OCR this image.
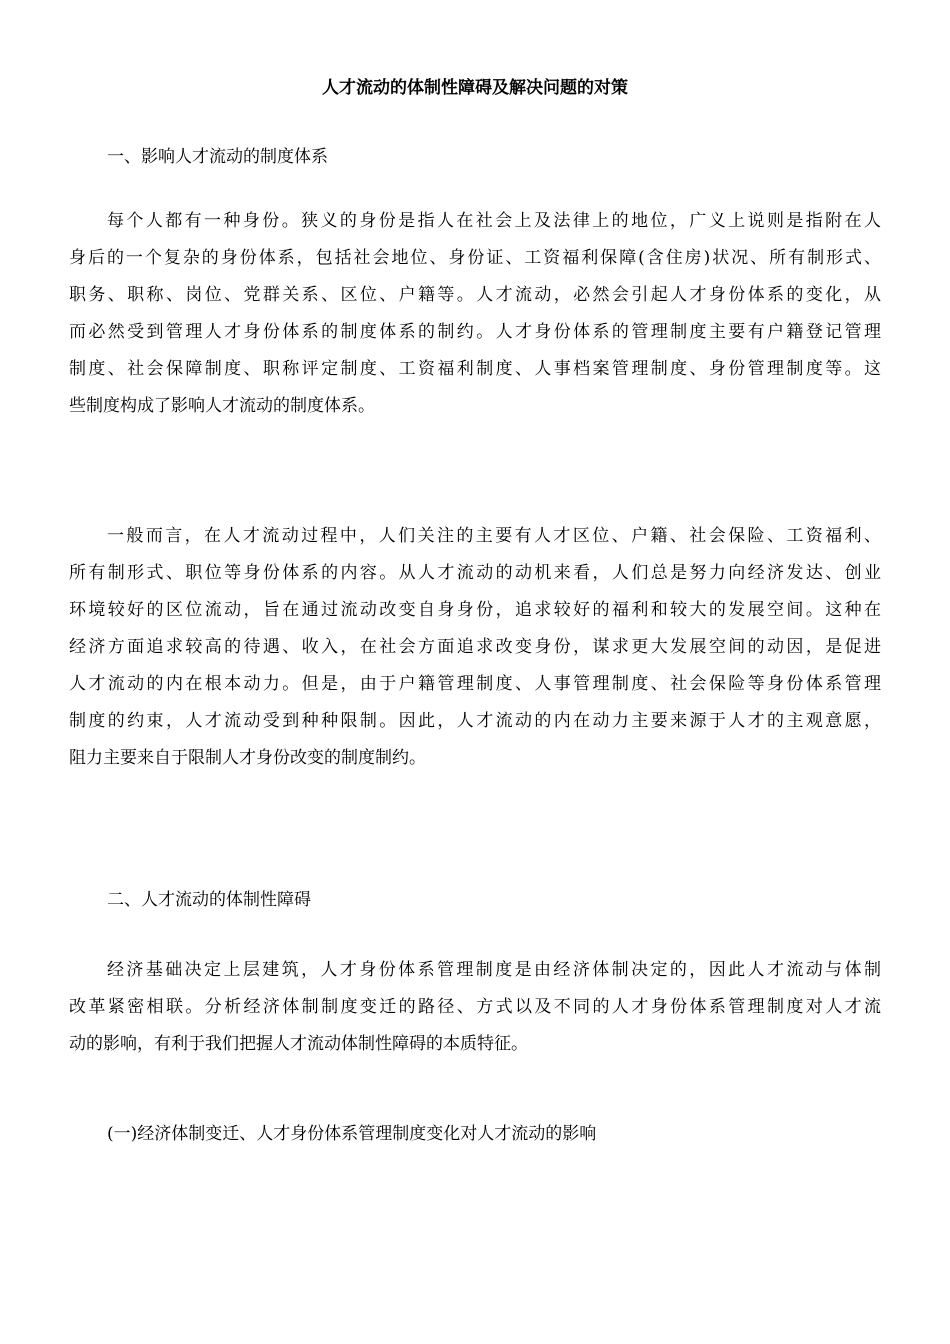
人才流动的体制性障碍及解决问题的对策
一、影响人才流动的制度体系
每个人都有一种身份。狭义的身份是指人在社会上及法律上的地位，广义上说则是指附在人
身后的一个复杂的身份体系，包括社会地位、身份证、工资福利保障(含住房)状况、所有制形式、
职务、职称、岗位、党群关系、区位、户籍等。人才流动，必然会引起人才身份体系的变化，从
而必然受到管理人才身份体系的制度体系的制约。人才身份体系的管理制度主要有户籍登记管理
制度、社会保障制度、职称评定制度、工资福利制度、人事档案管理制度、身份管理制度等。这
些制度构成了影响人才流动的制度体系。
一般而言，在人才流动过程中，人们关注的主要有人才区位、户籍、社会保险、工资福利、
所有制形式、职位等身份体系的内容。从人才流动的动机来看，人们总是努力向经济发达、创业
环境较好的区位流动，旨在通过流动改变自身身份，追求较好的福利和较大的发展空间。这种在
经济方面追求较高的待遇、收入，在社会方面追求改变身份，谋求更大发展空间的动因，是促进
人才流动的内在根本动力。但是，由于户籍管理制度、人事管理制度、社会保险等身份体系管理
制度的约束，人才流动受到种种限制。因此，人才流动的内在动力主要来源于人才的主观意愿，
阻力主要来自于限制人才身份改变的制度制约。
二、人才流动的体制性障碍
经济基础决定上层建筑，人才身份体系管理制度是由经济体制决定的，因此人才流动与体制
改革紧密相联。分析经济体制制度变迁的路径、方式以及不同的人才身份体系管理制度对人才流
动的影响，有利于我们把握人才流动体制性障碍的本质特征。
(一)经济体制变迁、人才身份体系管理制度变化对人才流动的影响
